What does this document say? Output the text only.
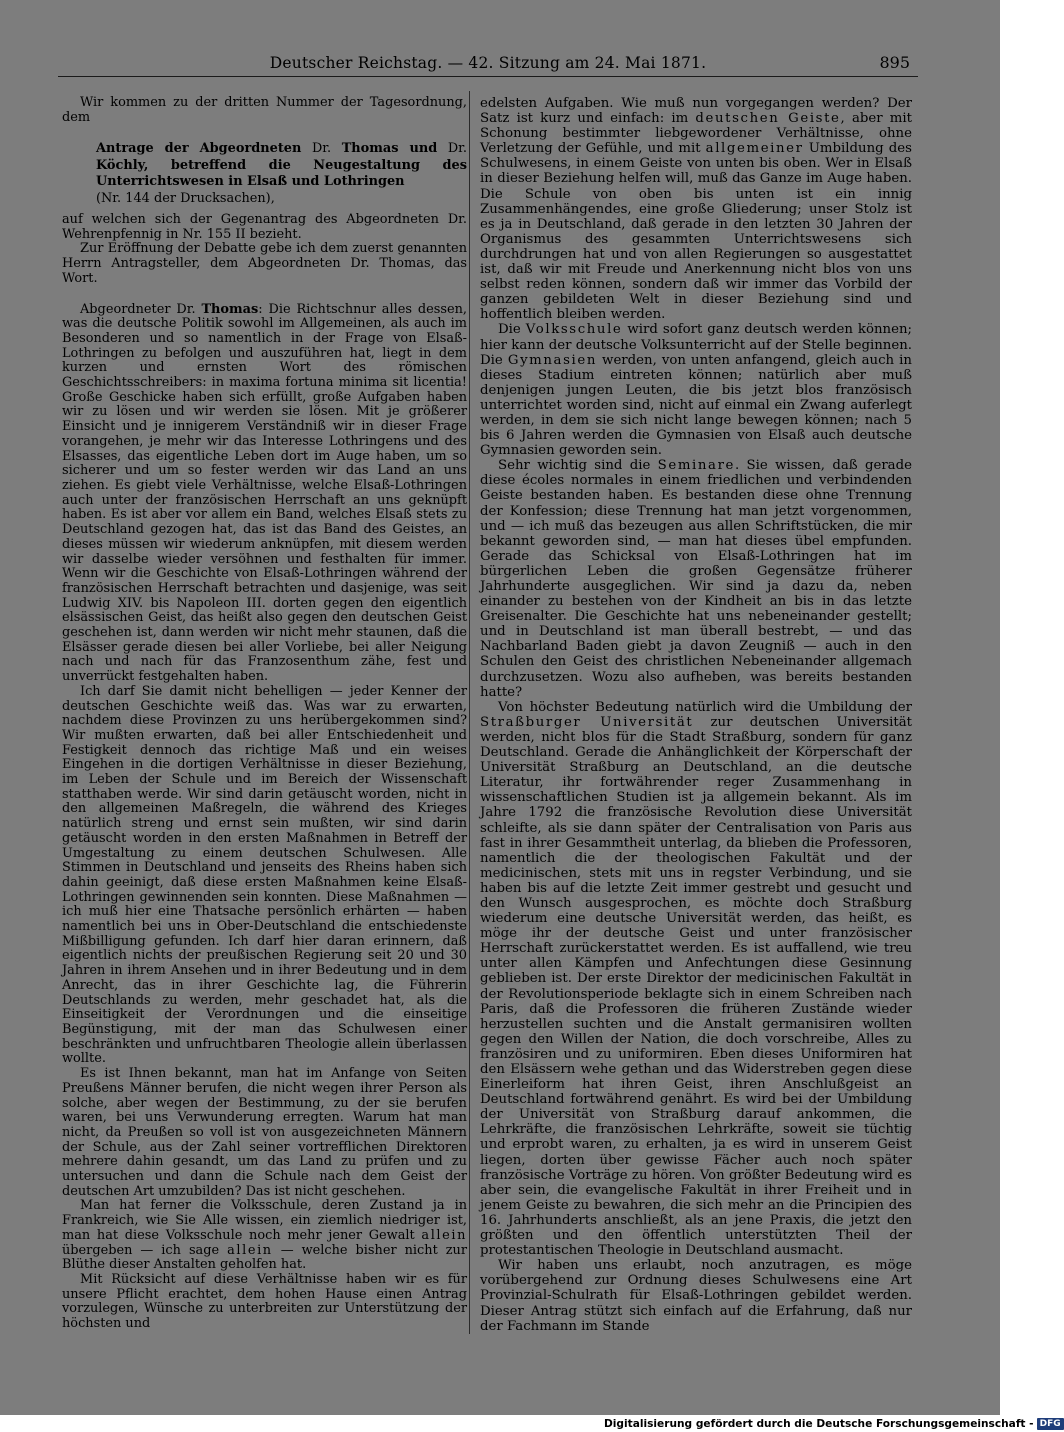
Deutscher Reichstag. — 42. Sitzung am 24. Mai 1871.	895

Wir kommen zu der dritten Nummer der Tagesordnung, dem

Antrage der Abgeordneten Dr. Thomas und Dr. Köchly, betreffend die Neugestaltung des Unterrichtswesen in Elsaß und Lothringen
(Nr. 144 der Drucksachen),

auf welchen sich der Gegenantrag des Abgeordneten Dr. Wehrenpfennig in Nr. 155 II bezieht.

Zur Eröffnung der Debatte gebe ich dem zuerst genannten Herrn Antragsteller, dem Abgeordneten Dr. Thomas, das Wort.

Abgeordneter Dr. Thomas: Die Richtschnur alles dessen, was die deutsche Politik sowohl im Allgemeinen, als auch im Besonderen und so namentlich in der Frage von Elsaß-Lothringen zu befolgen und auszuführen hat, liegt in dem kurzen und ernsten Wort des römischen Geschichtsschreibers: in maxima fortuna minima sit licentia! Große Geschicke haben sich erfüllt, große Aufgaben haben wir zu lösen und wir werden sie lösen. Mit je größerer Einsicht und je innigerem Verständniß wir in dieser Frage vorangehen, je mehr wir das Interesse Lothringens und des Elsasses, das eigentliche Leben dort im Auge haben, um so sicherer und um so fester werden wir das Land an uns ziehen. Es giebt viele Verhältnisse, welche Elsaß-Lothringen auch unter der französischen Herrschaft an uns geknüpft haben. Es ist aber vor allem ein Band, welches Elsaß stets zu Deutschland gezogen hat, das ist das Band des Geistes, an dieses müssen wir wiederum anknüpfen, mit diesem werden wir dasselbe wieder versöhnen und festhalten für immer. Wenn wir die Geschichte von Elsaß-Lothringen während der französischen Herrschaft betrachten und dasjenige, was seit Ludwig XIV. bis Napoleon III. dorten gegen den eigentlich elsässischen Geist, das heißt also gegen den deutschen Geist geschehen ist, dann werden wir nicht mehr staunen, daß die Elsässer gerade diesen bei aller Vorliebe, bei aller Neigung nach und nach für das Franzosenthum zähe, fest und unverrückt festgehalten haben.

Ich darf Sie damit nicht behelligen — jeder Kenner der deutschen Geschichte weiß das. Was war zu erwarten, nachdem diese Provinzen zu uns herübergekommen sind? Wir mußten erwarten, daß bei aller Entschiedenheit und Festigkeit dennoch das richtige Maß und ein weises Eingehen in die dortigen Verhältnisse in dieser Beziehung, im Leben der Schule und im Bereich der Wissenschaft statthaben werde. Wir sind darin getäuscht worden, nicht in den allgemeinen Maßregeln, die während des Krieges natürlich streng und ernst sein mußten, wir sind darin getäuscht worden in den ersten Maßnahmen in Betreff der Umgestaltung zu einem deutschen Schulwesen. Alle Stimmen in Deutschland und jenseits des Rheins haben sich dahin geeinigt, daß diese ersten Maßnahmen keine Elsaß-Lothringen gewinnenden sein konnten. Diese Maßnahmen — ich muß hier eine Thatsache persönlich erhärten — haben namentlich bei uns in Ober-Deutschland die entschiedenste Mißbilligung gefunden. Ich darf hier daran erinnern, daß eigentlich nichts der preußischen Regierung seit 20 und 30 Jahren in ihrem Ansehen und in ihrer Bedeutung und in dem Anrecht, das in ihrer Geschichte lag, die Führerin Deutschlands zu werden, mehr geschadet hat, als die Einseitigkeit der Verordnungen und die einseitige Begünstigung, mit der man das Schulwesen einer beschränkten und unfruchtbaren Theologie allein überlassen wollte.

Es ist Ihnen bekannt, man hat im Anfange von Seiten Preußens Männer berufen, die nicht wegen ihrer Person als solche, aber wegen der Bestimmung, zu der sie berufen waren, bei uns Verwunderung erregten. Warum hat man nicht, da Preußen so voll ist von ausgezeichneten Männern der Schule, aus der Zahl seiner vortrefflichen Direktoren mehrere dahin gesandt, um das Land zu prüfen und zu untersuchen und dann die Schule nach dem Geist der deutschen Art umzubilden? Das ist nicht geschehen.

Man hat ferner die Volksschule, deren Zustand ja in Frankreich, wie Sie Alle wissen, ein ziemlich niedriger ist, man hat diese Volksschule noch mehr jener Gewalt allein übergeben — ich sage allein — welche bisher nicht zur Blüthe dieser Anstalten geholfen hat.

Mit Rücksicht auf diese Verhältnisse haben wir es für unsere Pflicht erachtet, dem hohen Hause einen Antrag vorzulegen, Wünsche zu unterbreiten zur Unterstützung der höchsten und

edelsten Aufgaben. Wie muß nun vorgegangen werden? Der Satz ist kurz und einfach: im deutschen Geiste, aber mit Schonung bestimmter liebgewordener Verhältnisse, ohne Verletzung der Gefühle, und mit allgemeiner Umbildung des Schulwesens, in einem Geiste von unten bis oben. Wer in Elsaß in dieser Beziehung helfen will, muß das Ganze im Auge haben. Die Schule von oben bis unten ist ein innig Zusammenhängendes, eine große Gliederung; unser Stolz ist es ja in Deutschland, daß gerade in den letzten 30 Jahren der Organismus des gesammten Unterrichtswesens sich durchdrungen hat und von allen Regierungen so ausgestattet ist, daß wir mit Freude und Anerkennung nicht blos von uns selbst reden können, sondern daß wir immer das Vorbild der ganzen gebildeten Welt in dieser Beziehung sind und hoffentlich bleiben werden.

Die Volksschule wird sofort ganz deutsch werden können; hier kann der deutsche Volksunterricht auf der Stelle beginnen. Die Gymnasien werden, von unten anfangend, gleich auch in dieses Stadium eintreten können; natürlich aber muß denjenigen jungen Leuten, die bis jetzt blos französisch unterrichtet worden sind, nicht auf einmal ein Zwang auferlegt werden, in dem sie sich nicht lange bewegen können; nach 5 bis 6 Jahren werden die Gymnasien von Elsaß auch deutsche Gymnasien geworden sein.

Sehr wichtig sind die Seminare. Sie wissen, daß gerade diese écoles normales in einem friedlichen und verbindenden Geiste bestanden haben. Es bestanden diese ohne Trennung der Konfession; diese Trennung hat man jetzt vorgenommen, und — ich muß das bezeugen aus allen Schriftstücken, die mir bekannt geworden sind, — man hat dieses übel empfunden. Gerade das Schicksal von Elsaß-Lothringen hat im bürgerlichen Leben die großen Gegensätze früherer Jahrhunderte ausgeglichen. Wir sind ja dazu da, neben einander zu bestehen von der Kindheit an bis in das letzte Greisenalter. Die Geschichte hat uns nebeneinander gestellt; und in Deutschland ist man überall bestrebt, — und das Nachbarland Baden giebt ja davon Zeugniß — auch in den Schulen den Geist des christlichen Nebeneinander allgemach durchzusetzen. Wozu also aufheben, was bereits bestanden hatte?

Von höchster Bedeutung natürlich wird die Umbildung der Straßburger Universität zur deutschen Universität werden, nicht blos für die Stadt Straßburg, sondern für ganz Deutschland. Gerade die Anhänglichkeit der Körperschaft der Universität Straßburg an Deutschland, an die deutsche Literatur, ihr fortwährender reger Zusammenhang in wissenschaftlichen Studien ist ja allgemein bekannt. Als im Jahre 1792 die französische Revolution diese Universität schleifte, als sie dann später der Centralisation von Paris aus fast in ihrer Gesammtheit unterlag, da blieben die Professoren, namentlich die der theologischen Fakultät und der medicinischen, stets mit uns in regster Verbindung, und sie haben bis auf die letzte Zeit immer gestrebt und gesucht und den Wunsch ausgesprochen, es möchte doch Straßburg wiederum eine deutsche Universität werden, das heißt, es möge ihr der deutsche Geist und unter französischer Herrschaft zurückerstattet werden. Es ist auffallend, wie treu unter allen Kämpfen und Anfechtungen diese Gesinnung geblieben ist. Der erste Direktor der medicinischen Fakultät in der Revolutionsperiode beklagte sich in einem Schreiben nach Paris, daß die Professoren die früheren Zustände wieder herzustellen suchten und die Anstalt germanisiren wollten gegen den Willen der Nation, die doch vorschreibe, Alles zu französiren und zu uniformiren. Eben dieses Uniformiren hat den Elsässern wehe gethan und das Widerstreben gegen diese Einerleiform hat ihren Geist, ihren Anschlußgeist an Deutschland fortwährend genährt. Es wird bei der Umbildung der Universität von Straßburg darauf ankommen, die Lehrkräfte, die französischen Lehrkräfte, soweit sie tüchtig und erprobt waren, zu erhalten, ja es wird in unserem Geist liegen, dorten über gewisse Fächer auch noch später französische Vorträge zu hören. Von größter Bedeutung wird es aber sein, die evangelische Fakultät in ihrer Freiheit und in jenem Geiste zu bewahren, die sich mehr an die Principien des 16. Jahrhunderts anschließt, als an jene Praxis, die jetzt den größten und den öffentlich unterstützten Theil der protestantischen Theologie in Deutschland ausmacht.

Wir haben uns erlaubt, noch anzutragen, es möge vorübergehend zur Ordnung dieses Schulwesens eine Art Provinzial-Schulrath für Elsaß-Lothringen gebildet werden. Dieser Antrag stützt sich einfach auf die Erfahrung, daß nur der Fachmann im Stande

Digitalisierung gefördert durch die Deutsche Forschungsgemeinschaft - DFG
